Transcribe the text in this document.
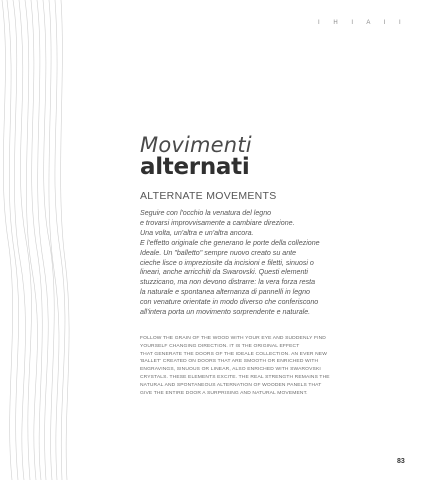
I H I A I I
Movimenti
alternati
ALTERNATE MOVEMENTS
Seguire con l'occhio la venatura del legno
e trovarsi improvvisamente a cambiare direzione.
Una volta, un'altra e un'altra ancora.
E l'effetto originale che generano le porte della collezione
Ideale. Un "balletto" sempre nuovo creato su ante
cieche lisce o impreziosite da incisioni e filetti, sinuosi o
lineari, anche arricchiti da Swarovski. Questi elementi
stuzzicano, ma non devono distrarre: la vera forza resta
la naturale e spontanea alternanza di pannelli in legno
con venature orientate in modo diverso che conferiscono
all'intera porta un movimento sorprendente e naturale.
FOLLOW THE GRAIN OF THE WOOD WITH YOUR EYE AND SUDDENLY FIND
YOURSELF CHANGING DIRECTION. IT IS THE ORIGINAL EFFECT
THAT GENERATE THE DOORS OF THE IDEALE COLLECTION. AN EVER NEW
'BALLET' CREATED ON DOORS THAT ARE SMOOTH OR ENRICHED WITH
ENGRAVINGS, SINUOUS OR LINEAR, ALSO ENRICHED WITH SWAROVSKI
CRYSTALS. THESE ELEMENTS EXCITE. THE REAL STRENGTH REMAINS THE
NATURAL AND SPONTANEOUS ALTERNATION OF WOODEN PANELS THAT
GIVE THE ENTIRE DOOR A SURPRISING AND NATURAL MOVEMENT.
83
